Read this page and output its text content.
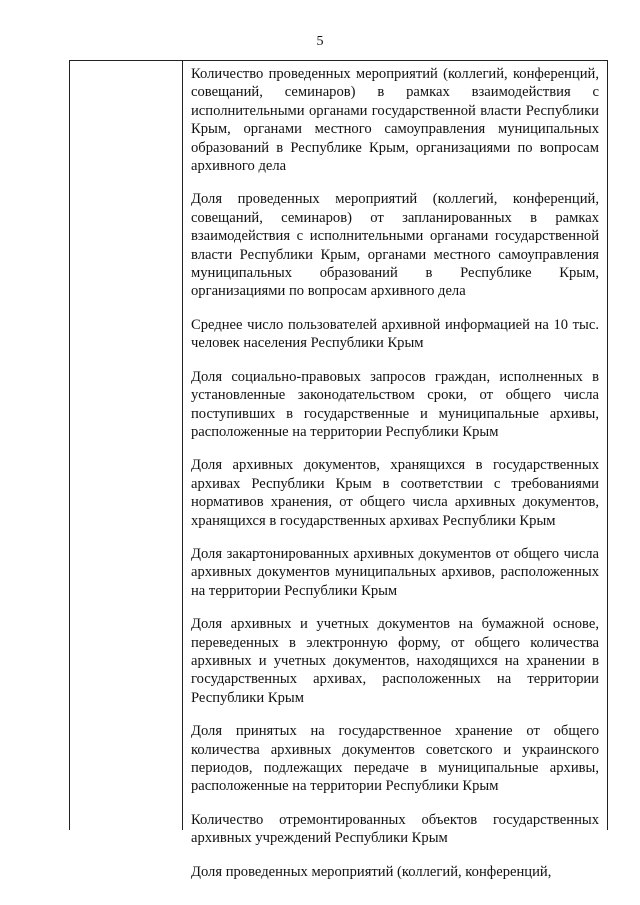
5

Количество проведенных мероприятий (коллегий, конференций, совещаний, семинаров) в рамках взаимодействия с исполнительными органами государственной власти Республики Крым, органами местного самоуправления муниципальных образований в Республике Крым, организациями по вопросам архивного дела

Доля проведенных мероприятий (коллегий, конференций, совещаний, семинаров) от запланированных в рамках взаимодействия с исполнительными органами государственной власти Республики Крым, органами местного самоуправления муниципальных образований в Республике Крым, организациями по вопросам архивного дела

Среднее число пользователей архивной информацией на 10 тыс. человек населения Республики Крым

Доля социально-правовых запросов граждан, исполненных в установленные законодательством сроки, от общего числа поступивших в государственные и муниципальные архивы, расположенные на территории Республики Крым

Доля архивных документов, хранящихся в государственных архивах Республики Крым в соответствии с требованиями нормативов хранения, от общего числа архивных документов, хранящихся в государственных архивах Республики Крым

Доля закартонированных архивных документов от общего числа архивных документов муниципальных архивов, расположенных на территории Республики Крым

Доля архивных и учетных документов на бумажной основе, переведенных в электронную форму, от общего количества архивных и учетных документов, находящихся на хранении в государственных архивах, расположенных на территории Республики Крым

Доля принятых на государственное хранение от общего количества архивных документов советского и украинского периодов, подлежащих передаче в муниципальные архивы, расположенные на территории Республики Крым

Количество отремонтированных объектов государственных архивных учреждений Республики Крым

Доля проведенных мероприятий (коллегий, конференций,
